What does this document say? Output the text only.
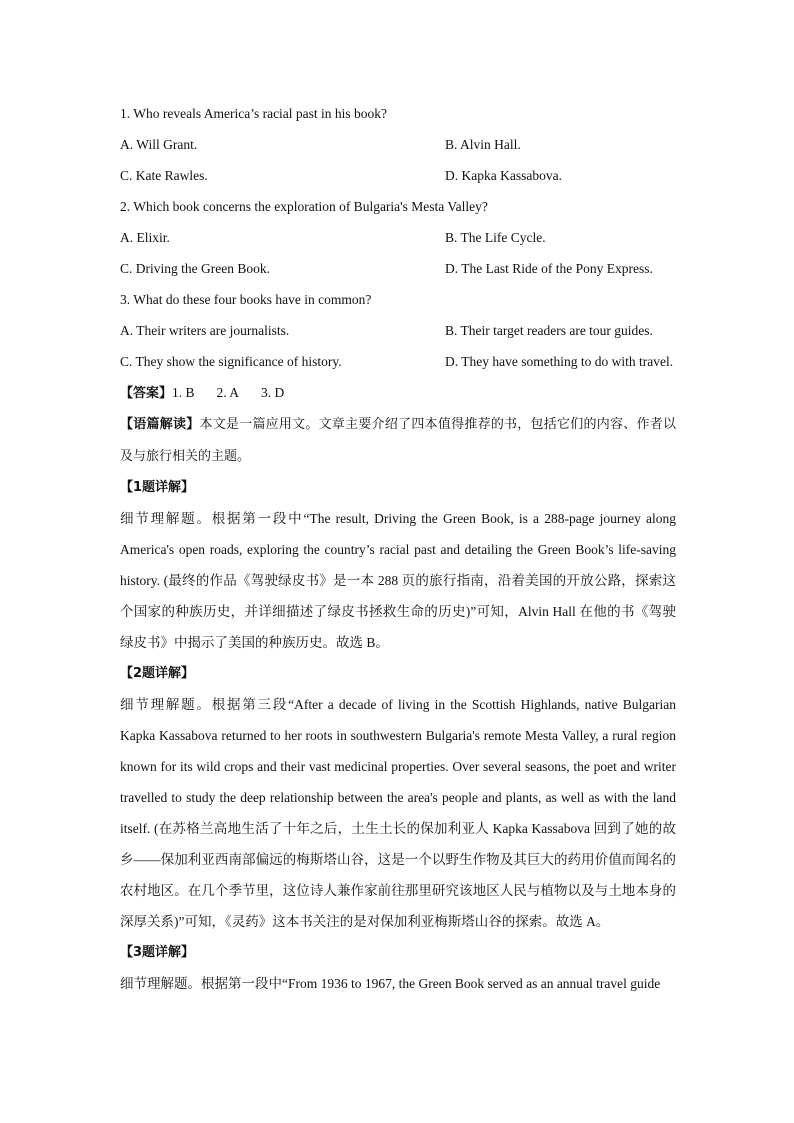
1. Who reveals America’s racial past in his book?
A. Will Grant.	B. Alvin Hall.
C. Kate Rawles.	D. Kapka Kassabova.
2. Which book concerns the exploration of Bulgaria's Mesta Valley?
A. Elixir.	B. The Life Cycle.
C. Driving the Green Book.	D. The Last Ride of the Pony Express.
3. What do these four books have in common?
A. Their writers are journalists.	B. Their target readers are tour guides.
C. They show the significance of history.	D. They have something to do with travel.
【答案】1. B 2. A 3. D

【语篇解读】本文是一篇应用文。文章主要介绍了四本值得推荐的书，包括它们的内容、作者以及与旅行相关的主题。

【1题详解】

细节理解题。根据第一段中“The result, Driving the Green Book, is a 288-page journey along America's open roads, exploring the country’s racial past and detailing the Green Book’s life-saving history. (最终的作品《驾驶绿皮书》是一本 288 页的旅行指南，沿着美国的开放公路，探索这个国家的种族历史，并详细描述了绿皮书拯救生命的历史)”可知，Alvin Hall 在他的书《驾驶绿皮书》中揭示了美国的种族历史。故选 B。

【2题详解】

细节理解题。根据第三段“After a decade of living in the Scottish Highlands, native Bulgarian Kapka Kassabova returned to her roots in southwestern Bulgaria's remote Mesta Valley, a rural region known for its wild crops and their vast medicinal properties. Over several seasons, the poet and writer travelled to study the deep relationship between the area's people and plants, as well as with the land itself. (在苏格兰高地生活了十年之后，土生土长的保加利亚人 Kapka Kassabova 回到了她的故乡——保加利亚西南部偏远的梅斯塔山谷，这是一个以野生作物及其巨大的药用价值而闻名的农村地区。在几个季节里，这位诗人兼作家前往那里研究该地区人民与植物以及与土地本身的深厚关系)”可知，《灵药》这本书关注的是对保加利亚梅斯塔山谷的探索。故选 A。

【3题详解】

细节理解题。根据第一段中“From 1936 to 1967, the Green Book served as an annual travel guide
